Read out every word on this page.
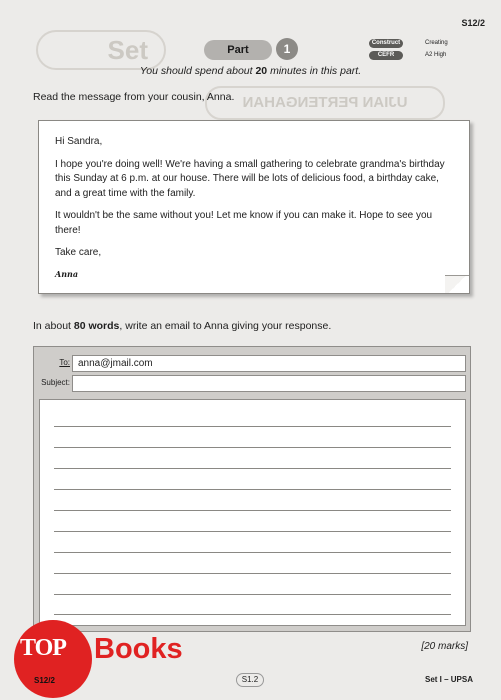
Set
UJIAN PERTENGAHAN
S12/2
Part	1	Construct	Creating
CEFR	A2 High
You should spend about 20 minutes in this part.
Read the message from your cousin, Anna.

Hi Sandra,

I hope you're doing well! We're having a small gathering to celebrate grandma's birthday this Sunday at 6 p.m. at our house. There will be lots of delicious food, a birthday cake, and a great time with the family.

It wouldn't be the same without you! Let me know if you can make it. Hope to see you there!

Take care,

Anna
In about 80 words, write an email to Anna giving your response.
To: anna@jmail.com
Subject:
[20 marks]
TOP Books
S12/2	S1.2	Set I – UPSA
